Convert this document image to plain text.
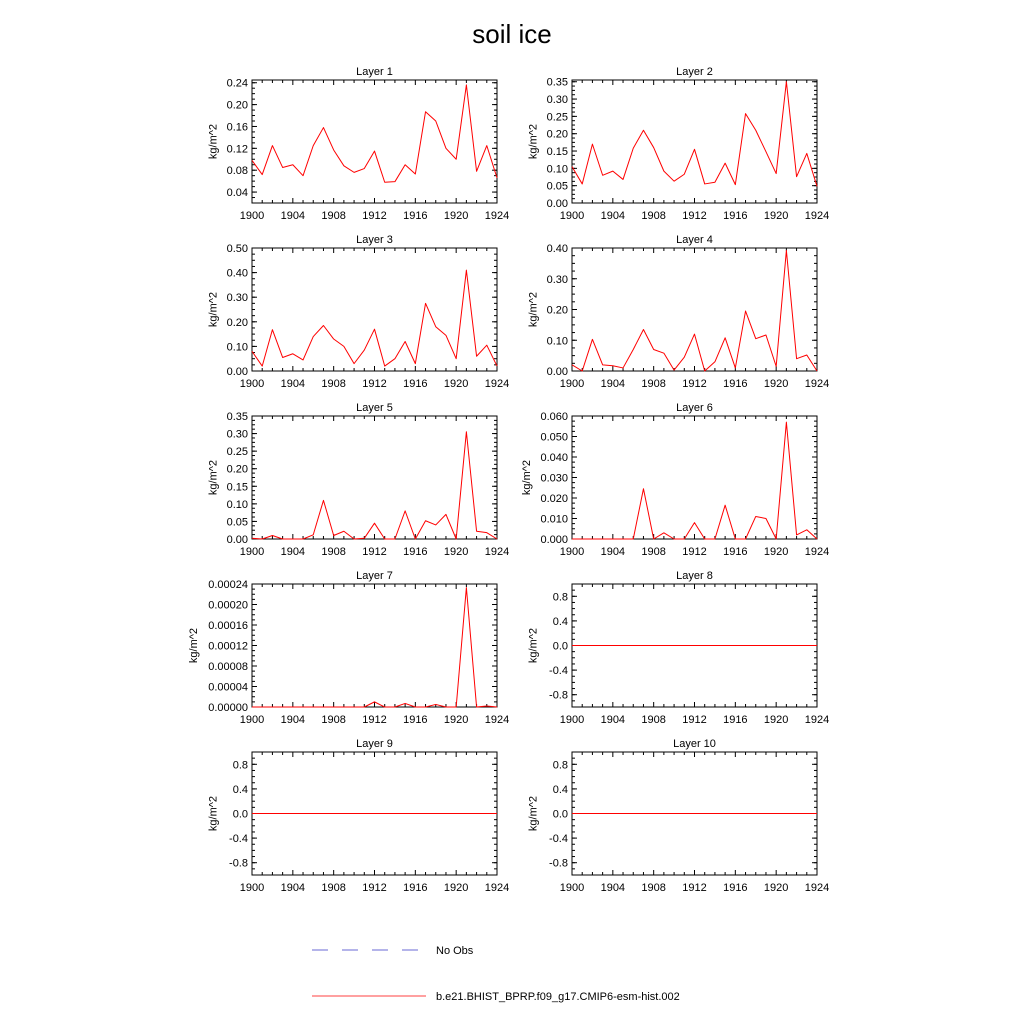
soil ice
Layer 1
1900 1904 1908 1912 1916 1920 1924
0.04
0.08
0.12
0.16
0.20
0.24
kg/m^2
Layer 2
1900 1904 1908 1912 1916 1920 1924
0.00
0.05
0.10
0.15
0.20
0.25
0.30
0.35
kg/m^2
Layer 3
1900 1904 1908 1912 1916 1920 1924
0.00
0.10
0.20
0.30
0.40
0.50
kg/m^2
Layer 4
1900 1904 1908 1912 1916 1920 1924
0.00
0.10
0.20
0.30
0.40
kg/m^2
Layer 5
1900 1904 1908 1912 1916 1920 1924
0.00
0.05
0.10
0.15
0.20
0.25
0.30
0.35
kg/m^2
Layer 6
1900 1904 1908 1912 1916 1920 1924
0.000
0.010
0.020
0.030
0.040
0.050
0.060
kg/m^2
Layer 7
1900 1904 1908 1912 1916 1920 1924
0.00000
0.00004
0.00008
0.00012
0.00016
0.00020
0.00024
kg/m^2
Layer 8
1900 1904 1908 1912 1916 1920 1924
-0.8
-0.4
0.0
0.4
0.8
kg/m^2
Layer 9
1900 1904 1908 1912 1916 1920 1924
-0.8
-0.4
0.0
0.4
0.8
kg/m^2
Layer 10
1900 1904 1908 1912 1916 1920 1924
-0.8
-0.4
0.0
0.4
0.8
kg/m^2
No Obs
b.e21.BHIST_BPRP.f09_g17.CMIP6-esm-hist.002
